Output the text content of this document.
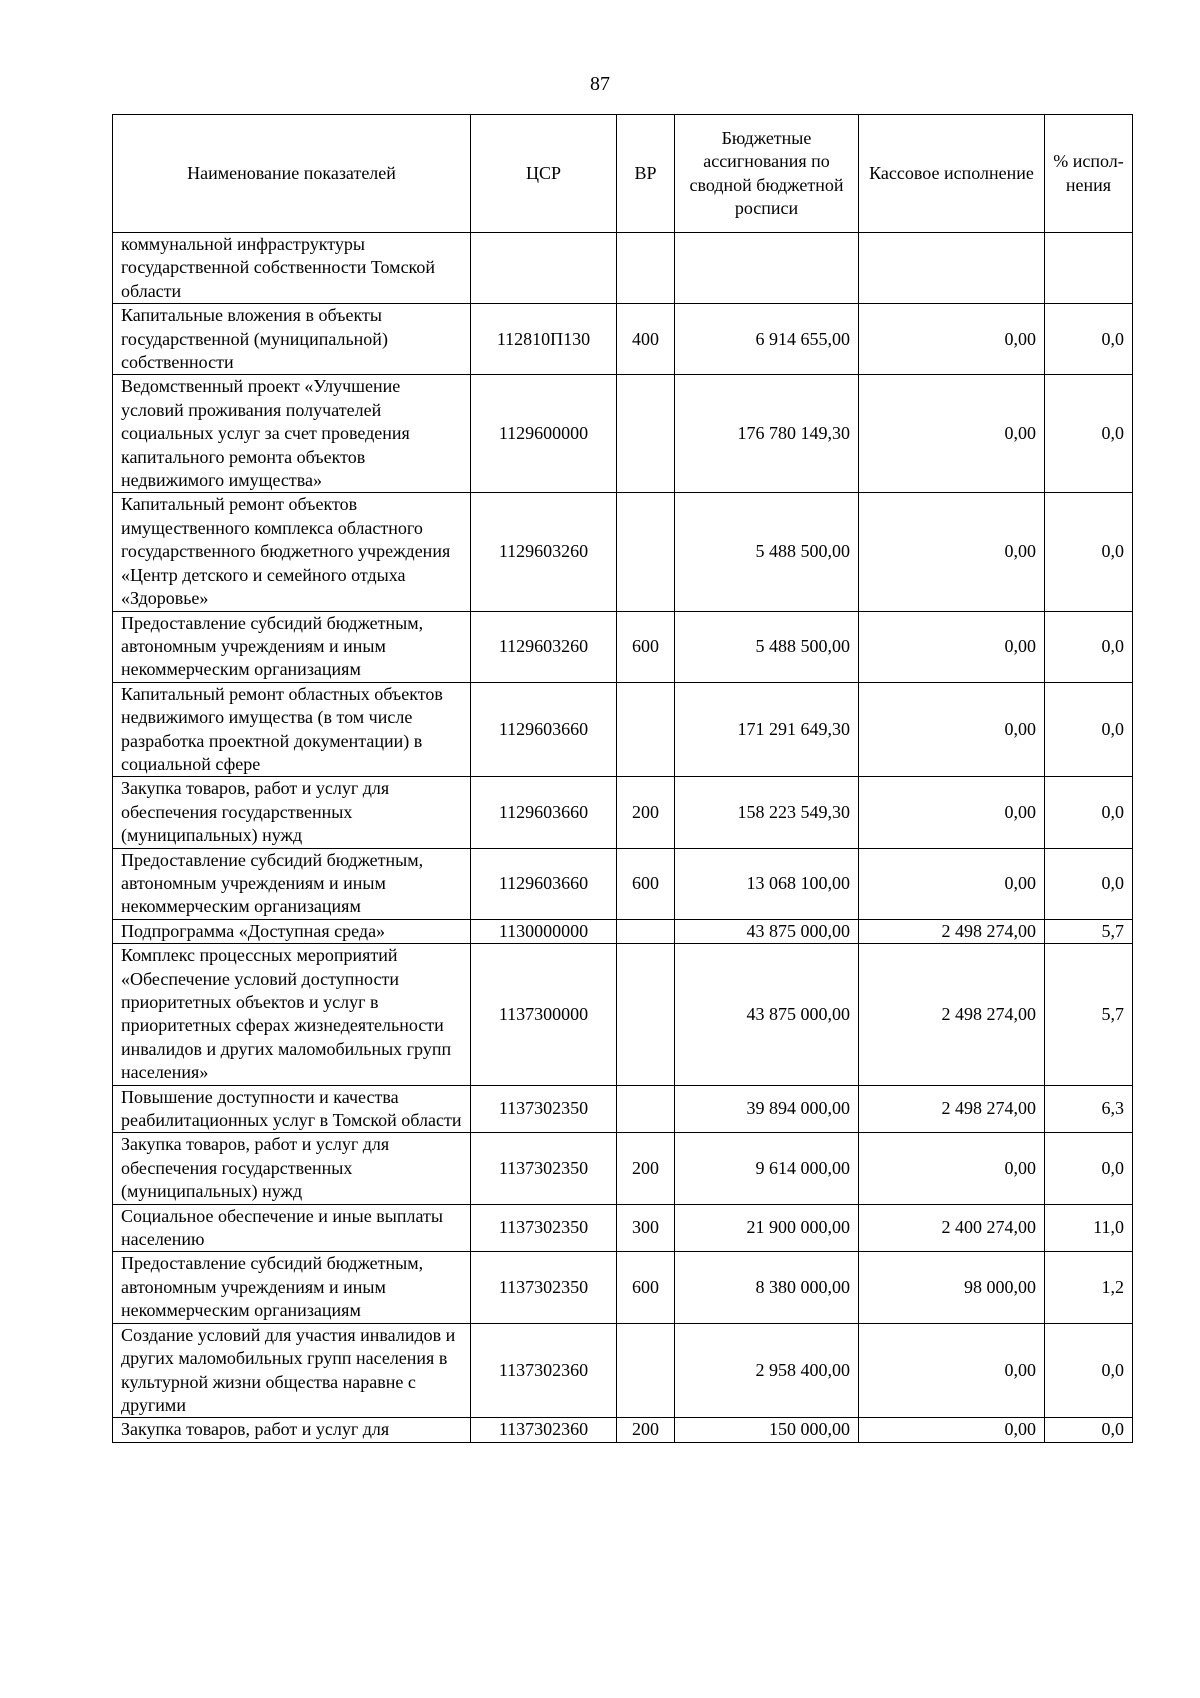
87
Наименование показателей	ЦСР	ВР	Бюджетные ассигнования по сводной бюджетной росписи	Кассовое исполнение	% испол-нения
коммунальной инфраструктуры государственной собственности Томской области					
Капитальные вложения в объекты государственной (муниципальной) собственности	112810П130	400	6 914 655,00	0,00	0,0
Ведомственный проект «Улучшение условий проживания получателей социальных услуг за счет проведения капитального ремонта объектов недвижимого имущества»	1129600000		176 780 149,30	0,00	0,0
Капитальный ремонт объектов имущественного комплекса областного государственного бюджетного учреждения «Центр детского и семейного отдыха «Здоровье»	1129603260		5 488 500,00	0,00	0,0
Предоставление субсидий бюджетным, автономным учреждениям и иным некоммерческим организациям	1129603260	600	5 488 500,00	0,00	0,0
Капитальный ремонт областных объектов недвижимого имущества (в том числе разработка проектной документации) в социальной сфере	1129603660		171 291 649,30	0,00	0,0
Закупка товаров, работ и услуг для обеспечения государственных (муниципальных) нужд	1129603660	200	158 223 549,30	0,00	0,0
Предоставление субсидий бюджетным, автономным учреждениям и иным некоммерческим организациям	1129603660	600	13 068 100,00	0,00	0,0
Подпрограмма «Доступная среда»	1130000000		43 875 000,00	2 498 274,00	5,7
Комплекс процессных мероприятий «Обеспечение условий доступности приоритетных объектов и услуг в приоритетных сферах жизнедеятельности инвалидов и других маломобильных групп населения»	1137300000		43 875 000,00	2 498 274,00	5,7
Повышение доступности и качества реабилитационных услуг в Томской области	1137302350		39 894 000,00	2 498 274,00	6,3
Закупка товаров, работ и услуг для обеспечения государственных (муниципальных) нужд	1137302350	200	9 614 000,00	0,00	0,0
Социальное обеспечение и иные выплаты населению	1137302350	300	21 900 000,00	2 400 274,00	11,0
Предоставление субсидий бюджетным, автономным учреждениям и иным некоммерческим организациям	1137302350	600	8 380 000,00	98 000,00	1,2
Создание условий для участия инвалидов и других маломобильных групп населения в культурной жизни общества наравне с другими	1137302360		2 958 400,00	0,00	0,0
Закупка товаров, работ и услуг для	1137302360	200	150 000,00	0,00	0,0
